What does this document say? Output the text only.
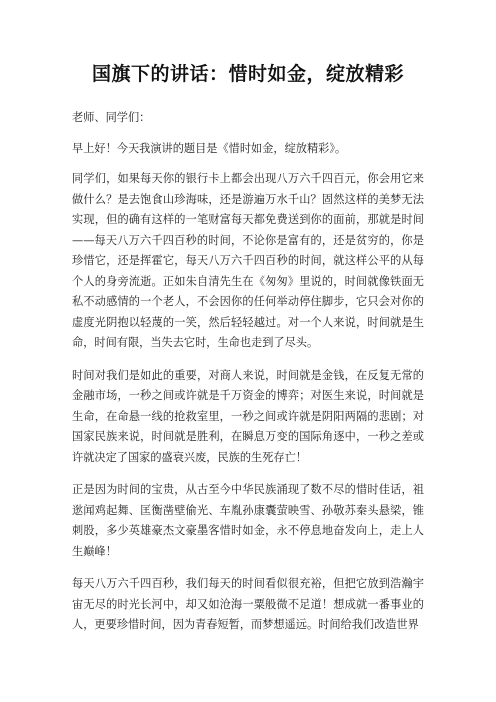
国旗下的讲话：惜时如金，绽放精彩

老师、同学们：

早上好！今天我演讲的题目是《惜时如金，绽放精彩》。

同学们，如果每天你的银行卡上都会出现八万六千四百元，你会用它来做什么？是去饱食山珍海味，还是游遍万水千山？固然这样的美梦无法实现，但的确有这样的一笔财富每天都免费送到你的面前，那就是时间——每天八万六千四百秒的时间，不论你是富有的，还是贫穷的，你是珍惜它，还是挥霍它，每天八万六千四百秒的时间，就这样公平的从每个人的身旁流逝。正如朱自清先生在《匆匆》里说的，时间就像铁面无私不动感情的一个老人，不会因你的任何举动停住脚步，它只会对你的虚度光阴抱以轻蔑的一笑，然后轻轻越过。对一个人来说，时间就是生命，时间有限，当失去它时，生命也走到了尽头。

时间对我们是如此的重要，对商人来说，时间就是金钱，在反复无常的金融市场，一秒之间或许就是千万资金的博弈；对医生来说，时间就是生命，在命悬一线的抢救室里，一秒之间或许就是阴阳两隔的悲剧；对国家民族来说，时间就是胜利，在瞬息万变的国际角逐中，一秒之差或许就决定了国家的盛衰兴废，民族的生死存亡！

正是因为时间的宝贵，从古至今中华民族涌现了数不尽的惜时佳话，祖逖闻鸡起舞、匡衡凿壁偷光、车胤孙康囊萤映雪、孙敬苏秦头悬梁，锥刺股，多少英雄豪杰文豪墨客惜时如金，永不停息地奋发向上，走上人生巅峰！

每天八万六千四百秒，我们每天的时间看似很充裕，但把它放到浩瀚宇宙无尽的时光长河中，却又如沧海一粟般微不足道！想成就一番事业的人，更要珍惜时间，因为青春短暂，而梦想遥远。时间给我们改造世界
